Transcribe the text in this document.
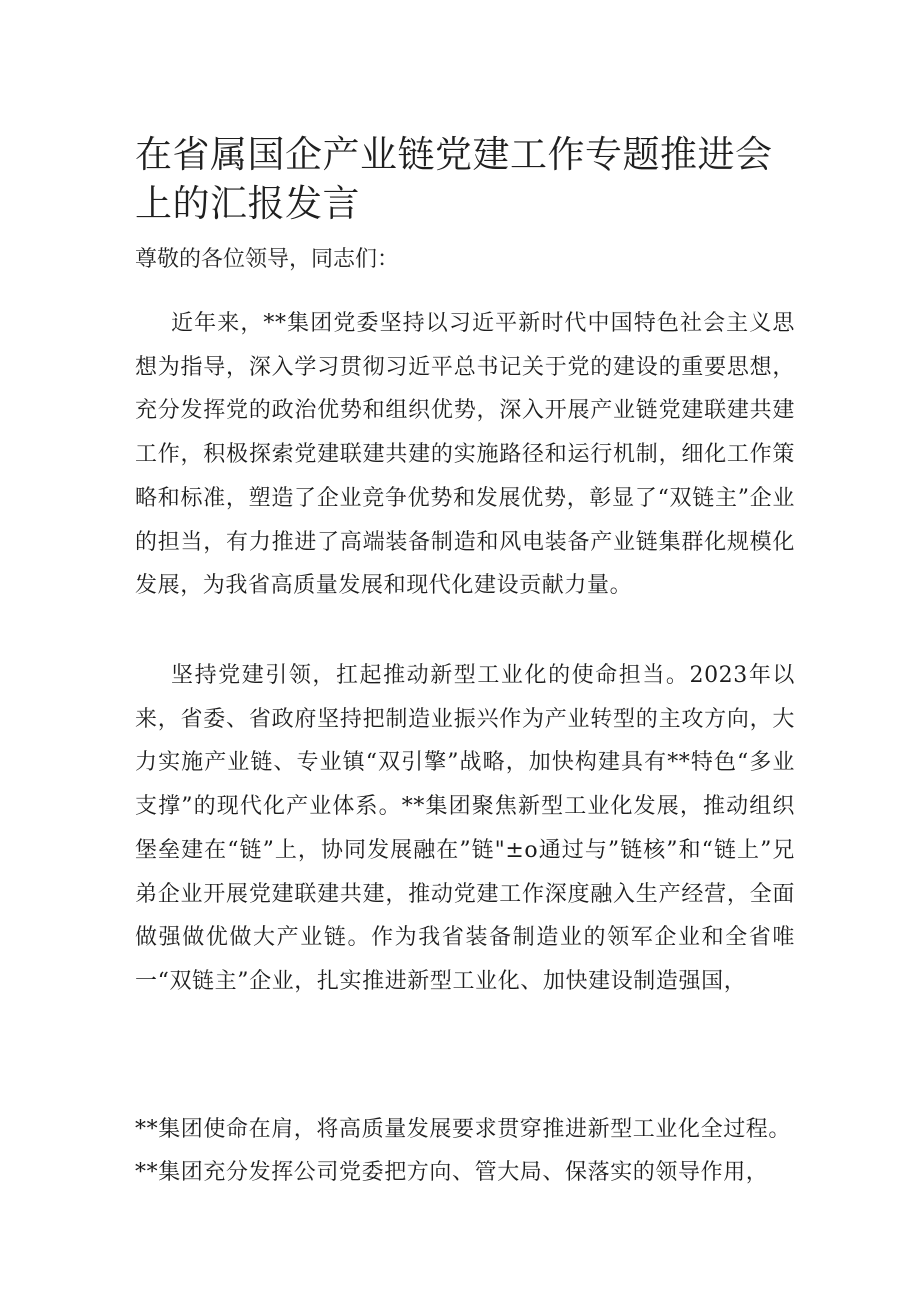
在省属国企产业链党建工作专题推进会上的汇报发言

尊敬的各位领导，同志们：

近年来，**集团党委坚持以习近平新时代中国特色社会主义思想为指导，深入学习贯彻习近平总书记关于党的建设的重要思想，充分发挥党的政治优势和组织优势，深入开展产业链党建联建共建工作，积极探索党建联建共建的实施路径和运行机制，细化工作策略和标准，塑造了企业竞争优势和发展优势，彰显了“双链主”企业的担当，有力推进了高端装备制造和风电装备产业链集群化规模化发展，为我省高质量发展和现代化建设贡献力量。

坚持党建引领，扛起推动新型工业化的使命担当。2023年以来，省委、省政府坚持把制造业振兴作为产业转型的主攻方向，大力实施产业链、专业镇“双引擎”战略，加快构建具有**特色“多业支撑”的现代化产业体系。**集团聚焦新型工业化发展，推动组织堡垒建在“链”上，协同发展融在”链"±o通过与”链核”和“链上”兄弟企业开展党建联建共建，推动党建工作深度融入生产经营，全面做强做优做大产业链。作为我省装备制造业的领军企业和全省唯一“双链主”企业，扎实推进新型工业化、加快建设制造强国，

**集团使命在肩，将高质量发展要求贯穿推进新型工业化全过程。

**集团充分发挥公司党委把方向、管大局、保落实的领导作用，
